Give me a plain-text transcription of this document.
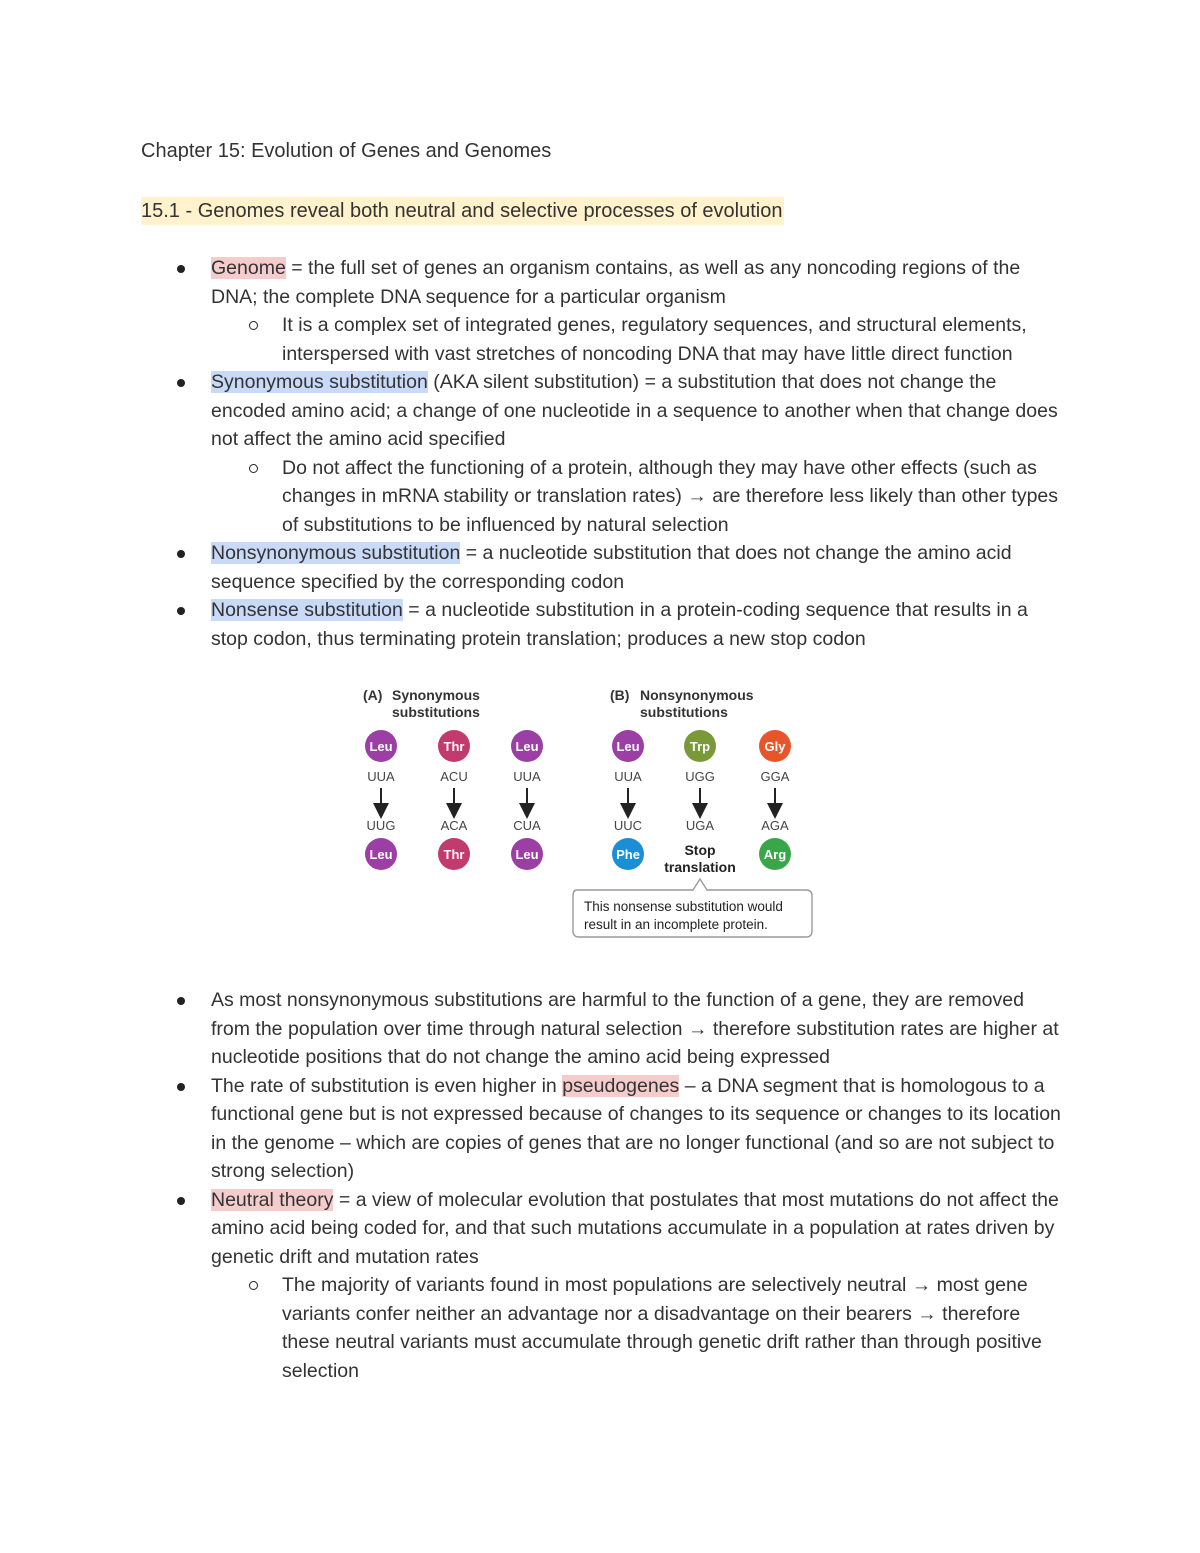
Chapter 15: Evolution of Genes and Genomes
15.1 - Genomes reveal both neutral and selective processes of evolution
Genome = the full set of genes an organism contains, as well as any noncoding regions of the DNA; the complete DNA sequence for a particular organism
It is a complex set of integrated genes, regulatory sequences, and structural elements, interspersed with vast stretches of noncoding DNA that may have little direct function
Synonymous substitution (AKA silent substitution) = a substitution that does not change the encoded amino acid; a change of one nucleotide in a sequence to another when that change does not affect the amino acid specified
Do not affect the functioning of a protein, although they may have other effects (such as changes in mRNA stability or translation rates) → are therefore less likely than other types of substitutions to be influenced by natural selection
Nonsynonymous substitution = a nucleotide substitution that does not change the amino acid sequence specified by the corresponding codon
Nonsense substitution = a nucleotide substitution in a protein-coding sequence that results in a stop codon, thus terminating protein translation; produces a new stop codon
(A) Synonymous
substitutions
(B) Nonsynonymous
substitutions
Leu
UUA
UUG
Leu
Thr
ACU
ACA
Thr
Leu
UUA
CUA
Leu
Leu
UUA
UUC
Phe
Trp
UGG
UGA
Gly
GGA
AGA
Arg
Stop
translation
This nonsense substitution would
result in an incomplete protein.
As most nonsynonymous substitutions are harmful to the function of a gene, they are removed from the population over time through natural selection → therefore substitution rates are higher at nucleotide positions that do not change the amino acid being expressed
The rate of substitution is even higher in pseudogenes – a DNA segment that is homologous to a functional gene but is not expressed because of changes to its sequence or changes to its location in the genome – which are copies of genes that are no longer functional (and so are not subject to strong selection)
Neutral theory = a view of molecular evolution that postulates that most mutations do not affect the amino acid being coded for, and that such mutations accumulate in a population at rates driven by genetic drift and mutation rates
The majority of variants found in most populations are selectively neutral → most gene variants confer neither an advantage nor a disadvantage on their bearers → therefore these neutral variants must accumulate through genetic drift rather than through positive selection
